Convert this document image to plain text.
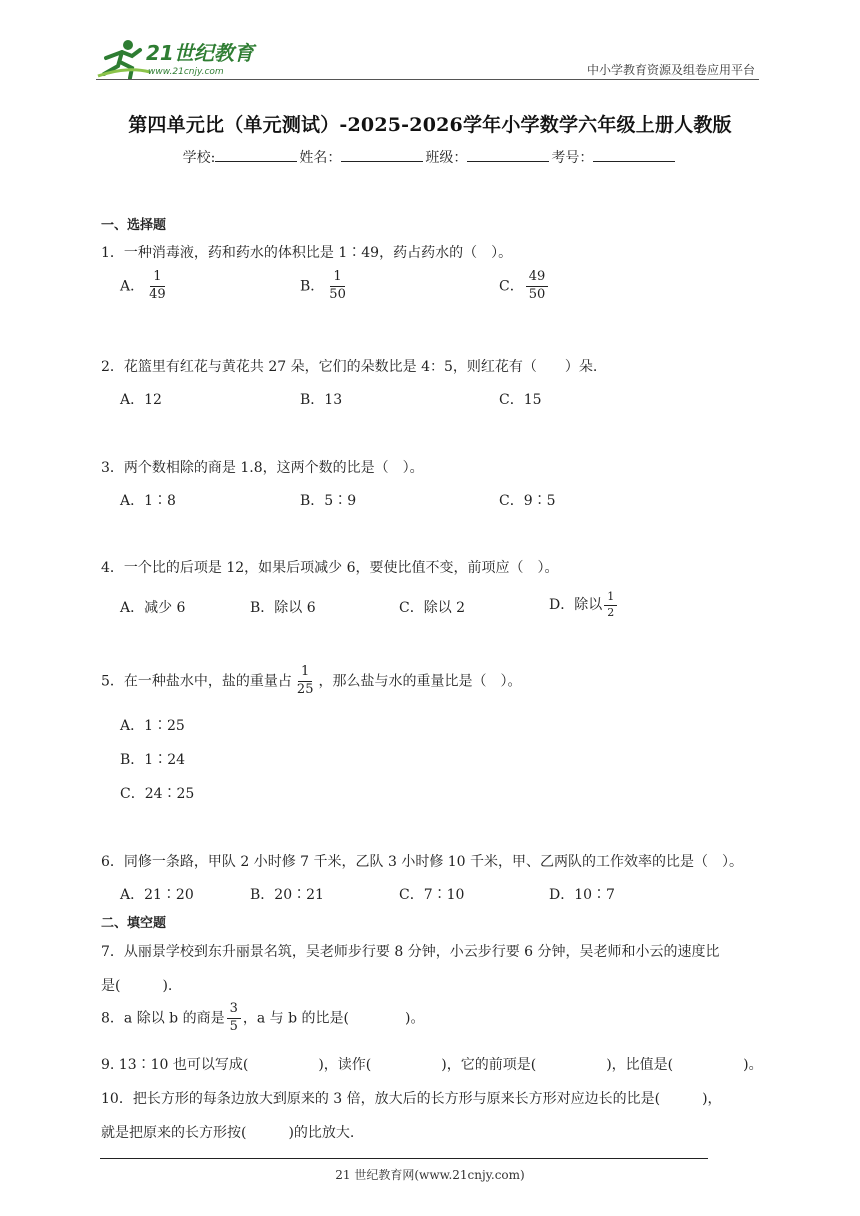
21世纪教育
www.21cnjy.com	中小学教育资源及组卷应用平台
第四单元比（单元测试）-2025-2026学年小学数学六年级上册人教版
学校:	姓名：	班级：	考号：
一、选择题
1．一种消毒液，药和药水的体积比是 1∶49，药占药水的（　）。
A． $\frac{1}{49}$	B． $\frac{1}{50}$	C． $\frac{49}{50}$
2．花篮里有红花与黄花共 27 朵，它们的朵数比是 4：5，则红花有（　　）朵.
A．12	B．13	C．15
3．两个数相除的商是 1.8，这两个数的比是（　）。
A．1∶8	B．5∶9	C．9∶5
4．一个比的后项是 12，如果后项减少 6，要使比值不变，前项应（　）。
A．减少 6	B．除以 6	C．除以 2	D．除以 $\frac{1}{2}$
5．在一种盐水中，盐的重量占 $\frac{1}{25}$ ，那么盐与水的重量比是（　）。
A．1∶25
B．1∶24
C．24∶25
6．同修一条路，甲队 2 小时修 7 千米，乙队 3 小时修 10 千米，甲、乙两队的工作效率的比是（　）。
A．21∶20	B．20∶21	C．7∶10	D．10∶7
二、填空题
7．从丽景学校到东升丽景名筑，吴老师步行要 8 分钟，小云步行要 6 分钟，吴老师和小云的速度比
是(　　　).
8．a 除以 b 的商是 $\frac{3}{5}$ ，a 与 b 的比是(　　　　)。
9. 13∶10 也可以写成(　　　　　)，读作(　　　　　)，它的前项是(　　　　　)，比值是(　　　　　)。
10．把长方形的每条边放大到原来的 3 倍，放大后的长方形与原来长方形对应边长的比是(　　　)，
就是把原来的长方形按(　　　)的比放大.
21 世纪教育网(www.21cnjy.com)
